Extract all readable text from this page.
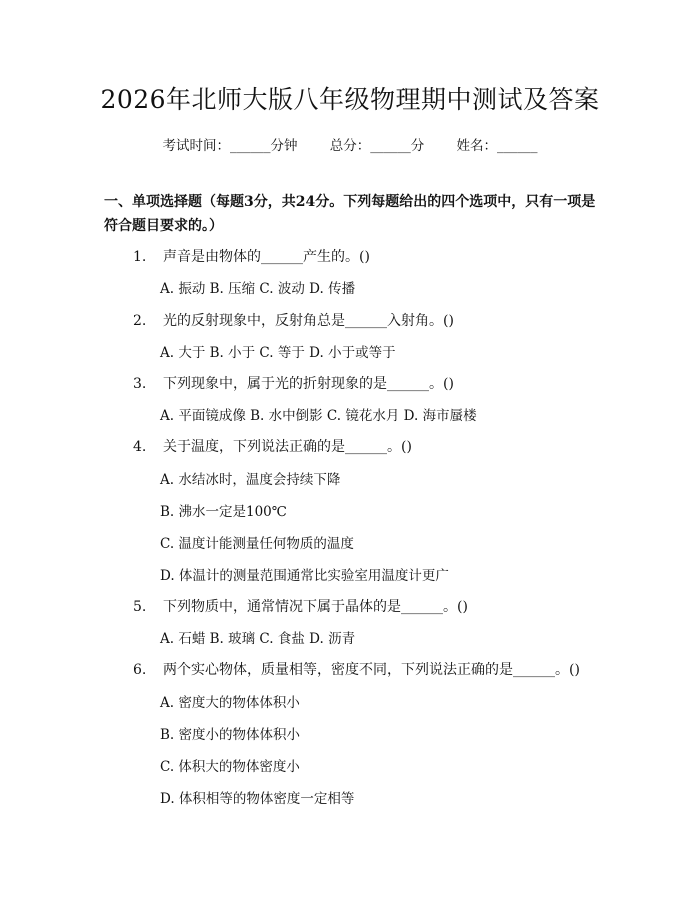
2026年北师大版八年级物理期中测试及答案
考试时间：______分钟 总分：______分 姓名：______
一、单项选择题（每题3分，共24分。下列每题给出的四个选项中，只有一项是符合题目要求的。）
1. 声音是由物体的______产生的。()
A. 振动 B. 压缩 C. 波动 D. 传播
2. 光的反射现象中，反射角总是______入射角。()
A. 大于 B. 小于 C. 等于 D. 小于或等于
3. 下列现象中，属于光的折射现象的是______。()
A. 平面镜成像 B. 水中倒影 C. 镜花水月 D. 海市蜃楼
4. 关于温度，下列说法正确的是______。()
A. 水结冰时，温度会持续下降
B. 沸水一定是100℃
C. 温度计能测量任何物质的温度
D. 体温计的测量范围通常比实验室用温度计更广
5. 下列物质中，通常情况下属于晶体的是______。()
A. 石蜡 B. 玻璃 C. 食盐 D. 沥青
6. 两个实心物体，质量相等，密度不同，下列说法正确的是______。()
A. 密度大的物体体积小
B. 密度小的物体体积小
C. 体积大的物体密度小
D. 体积相等的物体密度一定相等
